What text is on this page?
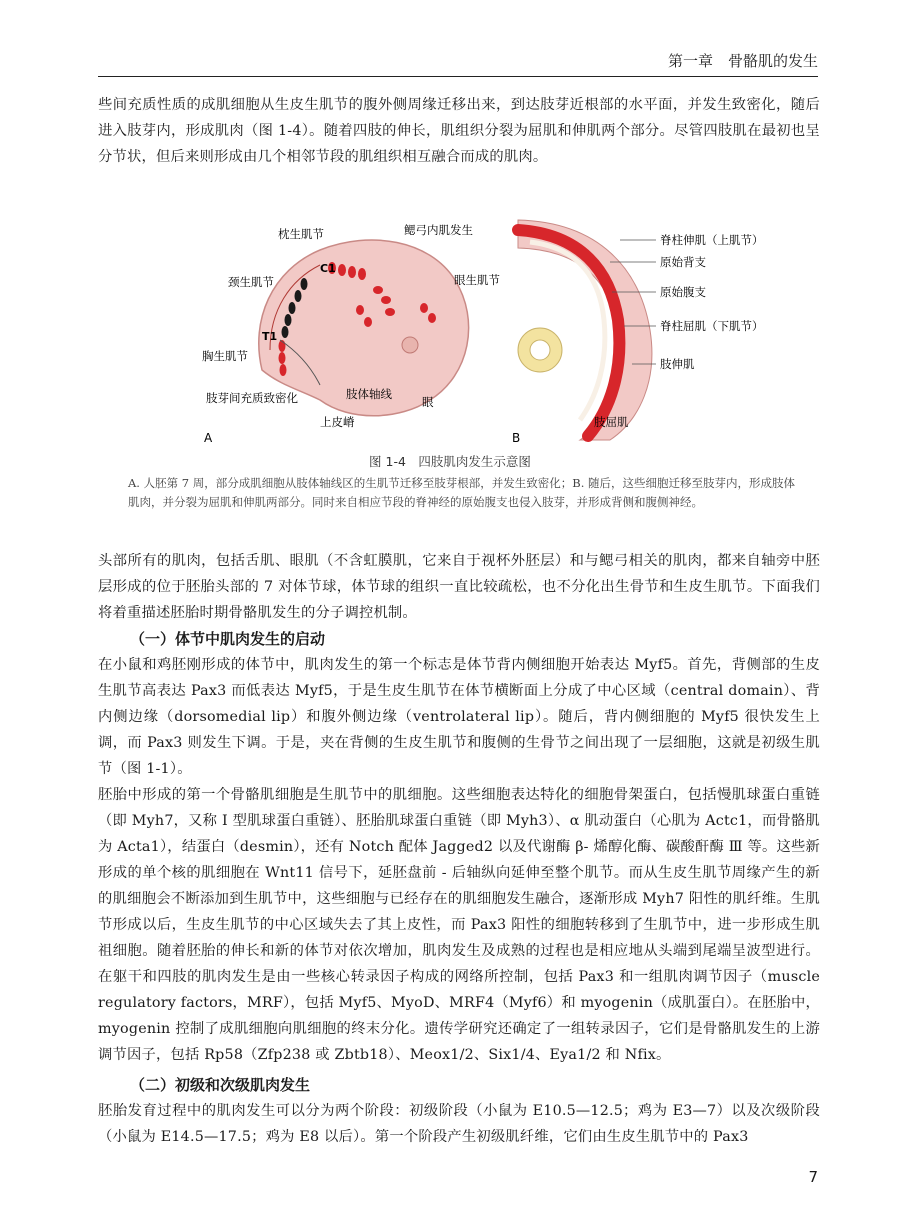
第一章　骨骼肌的发生

些间充质性质的成肌细胞从生皮生肌节的腹外侧周缘迁移出来，到达肢芽近根部的水平面，并发生致密化，随后进入肢芽内，形成肌肉（图 1-4）。随着四肢的伸长，肌组织分裂为屈肌和伸肌两个部分。尽管四肢肌在最初也呈分节状，但后来则形成由几个相邻节段的肌组织相互融合而成的肌肉。

A
枕生肌节
颈生肌节
胸生肌节
肢芽间充质致密化	肢体轴线
上皮嵴
鳃弓内肌发生
眼生肌节
眼
C1
T1
B
脊柱伸肌（上肌节）
原始背支
原始腹支
脊柱屈肌（下肌节）
肢伸肌
肢屈肌
图 1-4　四肢肌肉发生示意图

A. 人胚第 7 周，部分成肌细胞从肢体轴线区的生肌节迁移至肢芽根部，并发生致密化；B. 随后，这些细胞迁移至肢芽内，形成肢体肌肉，并分裂为屈肌和伸肌两部分。同时来自相应节段的脊神经的原始腹支也侵入肢芽，并形成背侧和腹侧神经。

头部所有的肌肉，包括舌肌、眼肌（不含虹膜肌，它来自于视杯外胚层）和与鳃弓相关的肌肉，都来自轴旁中胚层形成的位于胚胎头部的 7 对体节球，体节球的组织一直比较疏松，也不分化出生骨节和生皮生肌节。下面我们将着重描述胚胎时期骨骼肌发生的分子调控机制。

（一）体节中肌肉发生的启动

在小鼠和鸡胚刚形成的体节中，肌肉发生的第一个标志是体节背内侧细胞开始表达 Myf5。首先，背侧部的生皮生肌节高表达 Pax3 而低表达 Myf5，于是生皮生肌节在体节横断面上分成了中心区域（central domain）、背内侧边缘（dorsomedial lip）和腹外侧边缘（ventrolateral lip）。随后，背内侧细胞的 Myf5 很快发生上调，而 Pax3 则发生下调。于是，夹在背侧的生皮生肌节和腹侧的生骨节之间出现了一层细胞，这就是初级生肌节（图 1-1）。

胚胎中形成的第一个骨骼肌细胞是生肌节中的肌细胞。这些细胞表达特化的细胞骨架蛋白，包括慢肌球蛋白重链（即 Myh7，又称 Ⅰ 型肌球蛋白重链）、胚胎肌球蛋白重链（即 Myh3）、α 肌动蛋白（心肌为 Actc1，而骨骼肌为 Acta1），结蛋白（desmin），还有 Notch 配体 Jagged2 以及代谢酶 β- 烯醇化酶、碳酸酐酶 Ⅲ 等。这些新形成的单个核的肌细胞在 Wnt11 信号下，延胚盘前 - 后轴纵向延伸至整个肌节。而从生皮生肌节周缘产生的新的肌细胞会不断添加到生肌节中，这些细胞与已经存在的肌细胞发生融合，逐渐形成 Myh7 阳性的肌纤维。生肌节形成以后，生皮生肌节的中心区域失去了其上皮性，而 Pax3 阳性的细胞转移到了生肌节中，进一步形成生肌祖细胞。随着胚胎的伸长和新的体节对依次增加，肌肉发生及成熟的过程也是相应地从头端到尾端呈波型进行。在躯干和四肢的肌肉发生是由一些核心转录因子构成的网络所控制，包括 Pax3 和一组肌肉调节因子（muscle regulatory factors，MRF），包括 Myf5、MyoD、MRF4（Myf6）和 myogenin（成肌蛋白）。在胚胎中，myogenin 控制了成肌细胞向肌细胞的终末分化。遗传学研究还确定了一组转录因子，它们是骨骼肌发生的上游调节因子，包括 Rp58（Zfp238 或 Zbtb18）、Meox1/2、Six1/4、Eya1/2 和 Nfix。

（二）初级和次级肌肉发生

胚胎发育过程中的肌肉发生可以分为两个阶段：初级阶段（小鼠为 E10.5—12.5；鸡为 E3—7）以及次级阶段（小鼠为 E14.5—17.5；鸡为 E8 以后）。第一个阶段产生初级肌纤维，它们由生皮生肌节中的 Pax3

7
